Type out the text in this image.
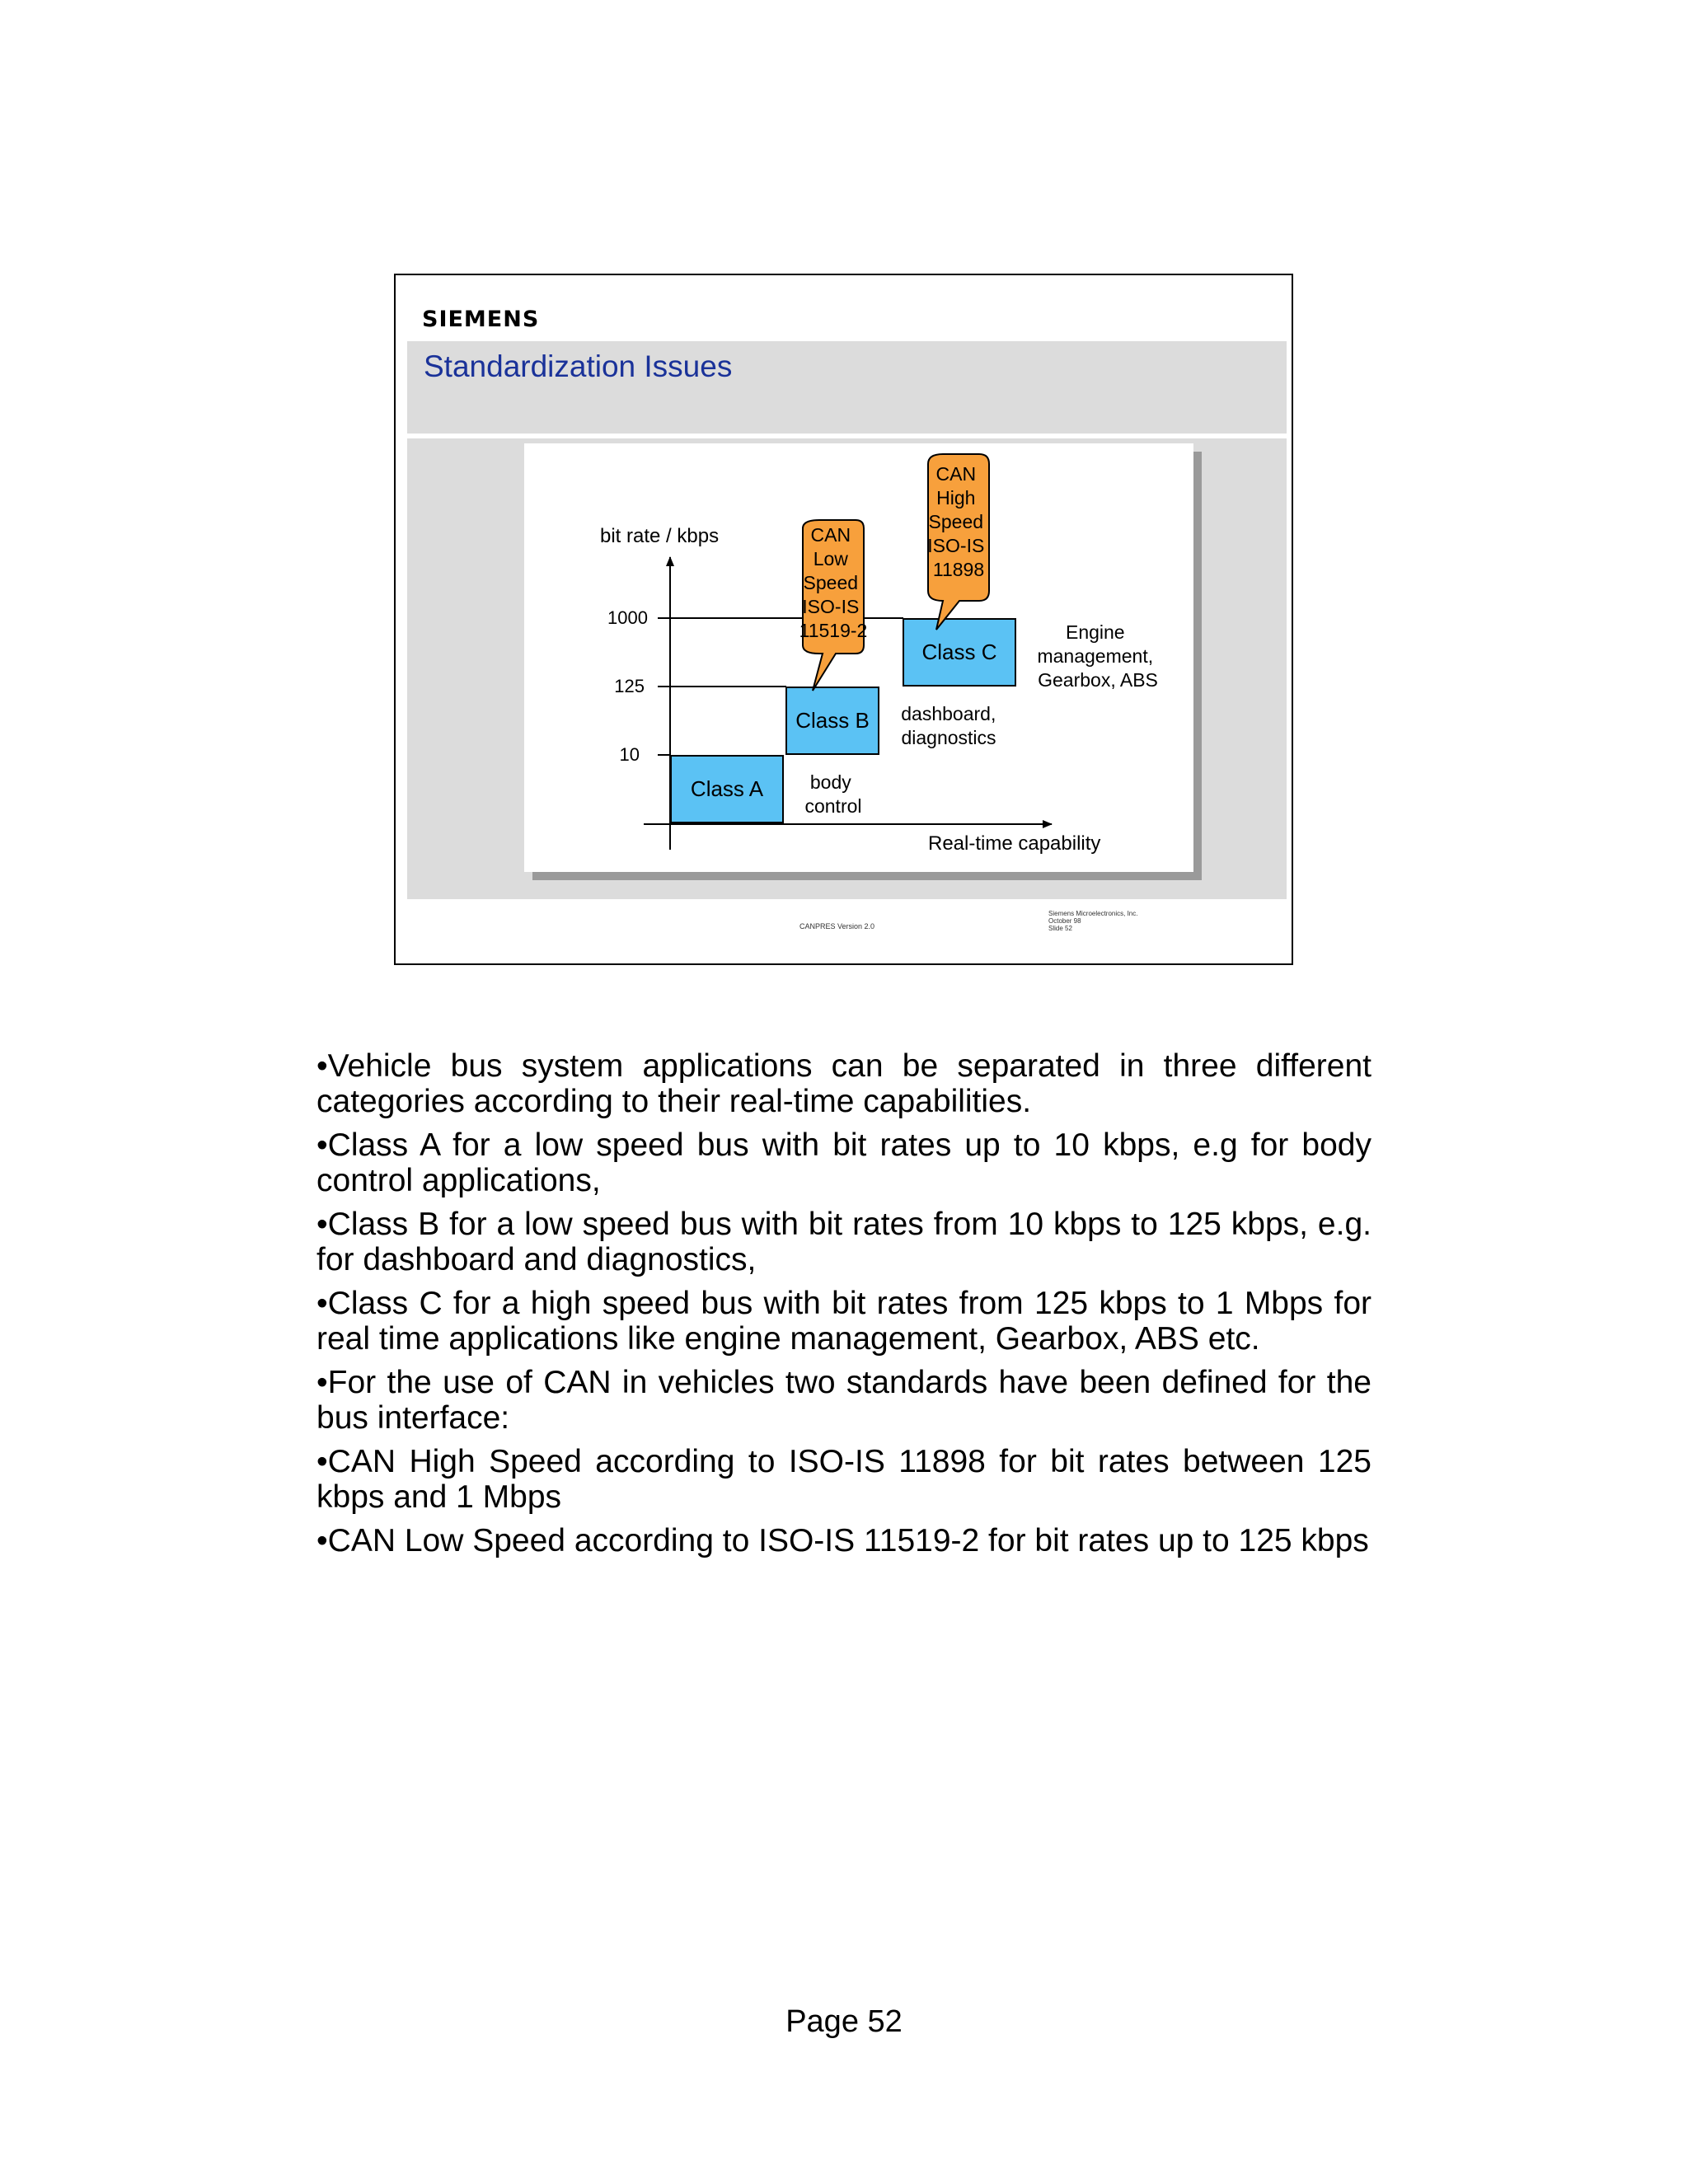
SIEMENS
Standardization Issues
1000
125
10
bit rate / kbps
Real-time capability
Class A
Class B
Class C
body control
dashboard, diagnostics
Engine management, Gearbox, ABS
CAN Low Speed ISO-IS 11519-2
CAN High Speed ISO-IS 11898
CANPRES Version 2.0
Siemens Microelectronics, Inc.
October 98
Slide 52

•Vehicle bus system applications can be separated in three different categories according to their real-time capabilities.

•Class A for a low speed bus with bit rates up to 10 kbps, e.g for body control applications,

•Class B for a low speed bus with bit rates from 10 kbps to 125 kbps, e.g. for dashboard and diagnostics,

•Class C for a high speed bus with bit rates from 125 kbps to 1 Mbps for real time applications like engine management, Gearbox, ABS etc.

•For the use of CAN in vehicles two standards have been defined for the bus interface:

•CAN High Speed according to ISO-IS 11898 for bit rates between 125 kbps and 1 Mbps

•CAN Low Speed according to ISO-IS 11519-2 for bit rates up to 125 kbps

Page 52
